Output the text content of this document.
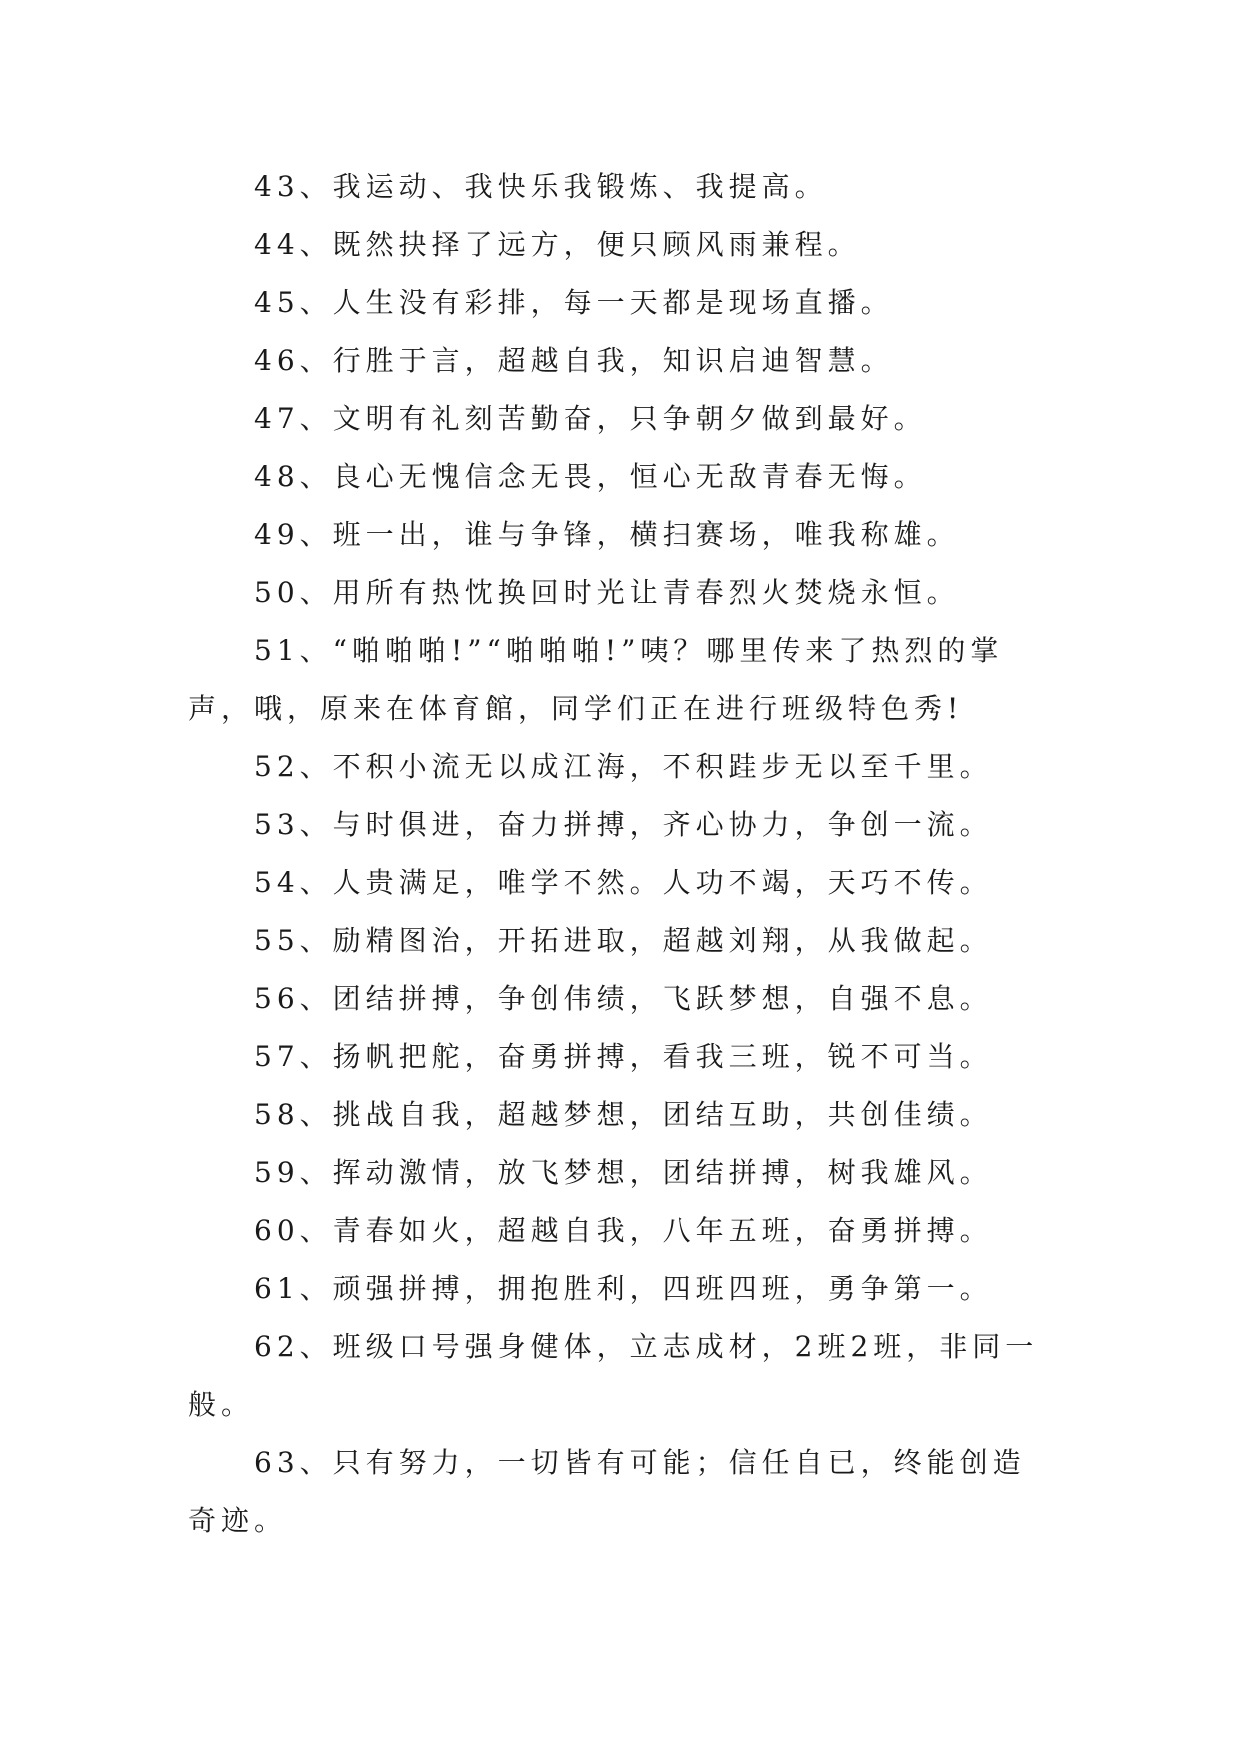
43、我运动、我快乐我锻炼、我提高。

44、既然抉择了远方，便只顾风雨兼程。

45、人生没有彩排，每一天都是现场直播。

46、行胜于言，超越自我，知识启迪智慧。

47、文明有礼刻苦勤奋，只争朝夕做到最好。

48、良心无愧信念无畏，恒心无敌青春无悔。

49、班一出，谁与争锋，横扫赛场，唯我称雄。

50、用所有热忱换回时光让青春烈火焚烧永恒。

51、“啪啪啪!”“啪啪啪!”咦？哪里传来了热烈的掌声，哦，原来在体育館，同学们正在进行班级特色秀!

52、不积小流无以成江海，不积跬步无以至千里。

53、与时俱进，奋力拼搏，齐心协力，争创一流。

54、人贵满足，唯学不然。人功不竭，天巧不传。

55、励精图治，开拓进取，超越刘翔，从我做起。

56、团结拼搏，争创伟绩，飞跃梦想，自强不息。

57、扬帆把舵，奋勇拼搏，看我三班，锐不可当。

58、挑战自我，超越梦想，团结互助，共创佳绩。

59、挥动激情，放飞梦想，团结拼搏，树我雄风。

60、青春如火，超越自我，八年五班，奋勇拼搏。

61、顽强拼搏，拥抱胜利，四班四班，勇争第一。

62、班级口号强身健体，立志成材，2班2班，非同一般。

63、只有努力，一切皆有可能；信任自已，终能创造奇迹。
